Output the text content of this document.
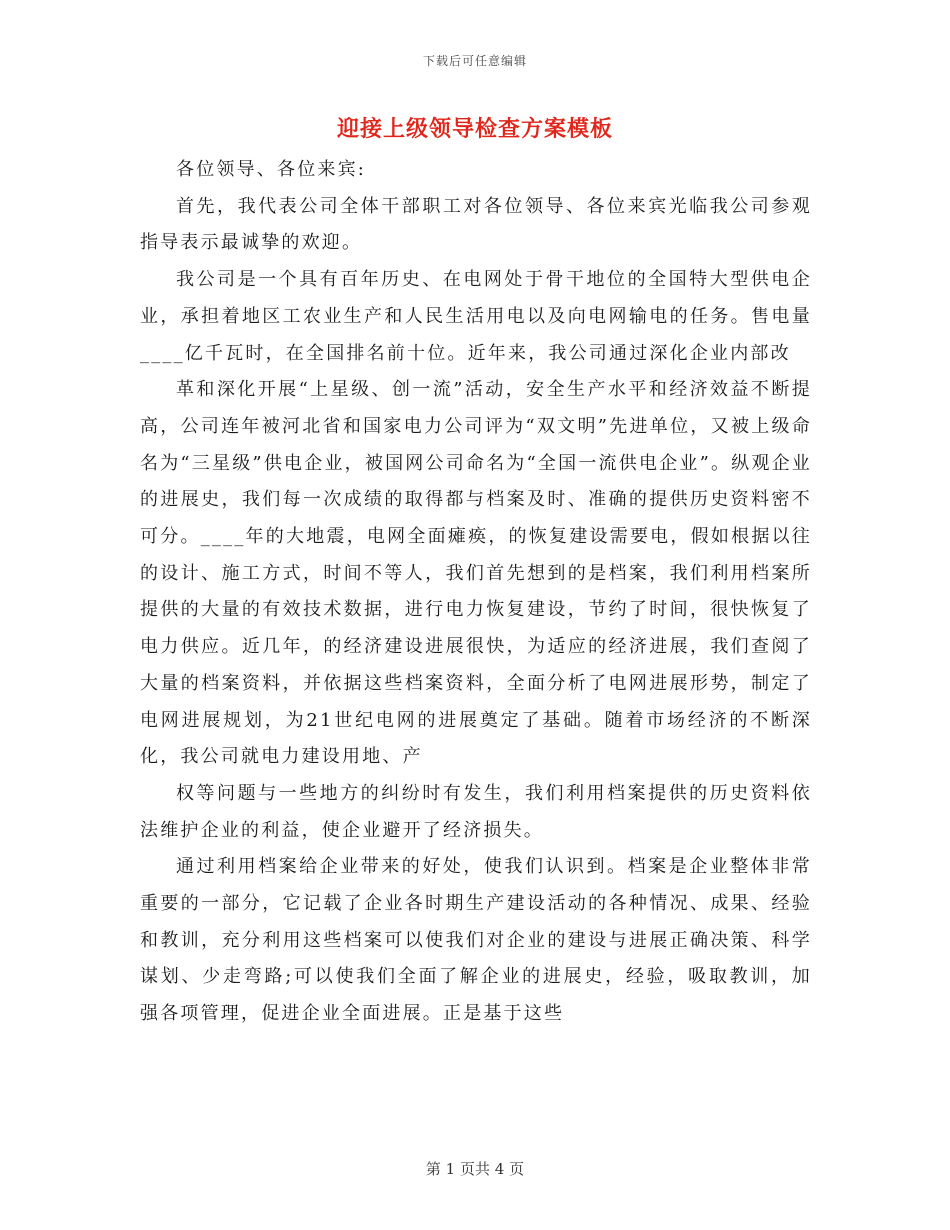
下载后可任意编辑
迎接上级领导检查方案模板

各位领导、各位来宾:

首先，我代表公司全体干部职工对各位领导、各位来宾光临我公司参观指导表示最诚挚的欢迎。

我公司是一个具有百年历史、在电网处于骨干地位的全国特大型供电企业，承担着地区工农业生产和人民生活用电以及向电网输电的任务。售电量____亿千瓦时，在全国排名前十位。近年来，我公司通过深化企业内部改

革和深化开展“上星级、创一流”活动，安全生产水平和经济效益不断提高，公司连年被河北省和国家电力公司评为“双文明”先进单位，又被上级命名为“三星级”供电企业，被国网公司命名为“全国一流供电企业”。纵观企业的进展史，我们每一次成绩的取得都与档案及时、准确的提供历史资料密不可分。____年的大地震，电网全面瘫痪，的恢复建设需要电，假如根据以往的设计、施工方式，时间不等人，我们首先想到的是档案，我们利用档案所提供的大量的有效技术数据，进行电力恢复建设，节约了时间，很快恢复了电力供应。近几年，的经济建设进展很快，为适应的经济进展，我们查阅了大量的档案资料，并依据这些档案资料，全面分析了电网进展形势，制定了电网进展规划，为21世纪电网的进展奠定了基础。随着市场经济的不断深化，我公司就电力建设用地、产

权等问题与一些地方的纠纷时有发生，我们利用档案提供的历史资料依法维护企业的利益，使企业避开了经济损失。

通过利用档案给企业带来的好处，使我们认识到。档案是企业整体非常重要的一部分，它记载了企业各时期生产建设活动的各种情况、成果、经验和教训，充分利用这些档案可以使我们对企业的建设与进展正确决策、科学谋划、少走弯路;可以使我们全面了解企业的进展史，经验，吸取教训，加强各项管理，促进企业全面进展。正是基于这些

第 1 页共 4 页
